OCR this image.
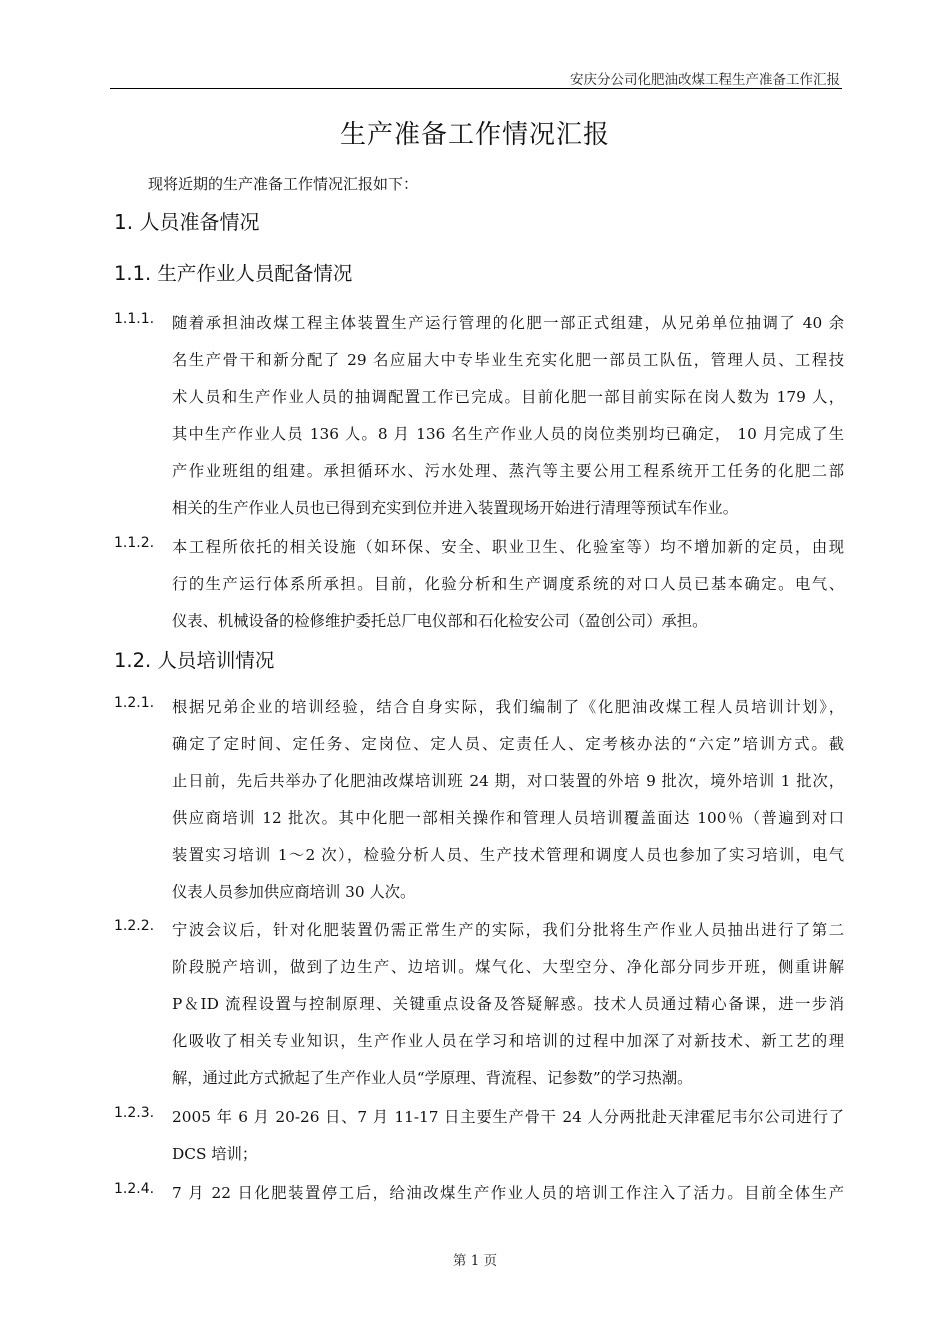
安庆分公司化肥油改煤工程生产准备工作汇报
生产准备工作情况汇报
现将近期的生产准备工作情况汇报如下：
1. 人员准备情况
1.1. 生产作业人员配备情况
1.1.1. 随着承担油改煤工程主体装置生产运行管理的化肥一部正式组建，从兄弟单位抽调了 40 余
名生产骨干和新分配了 29 名应届大中专毕业生充实化肥一部员工队伍，管理人员、工程技
术人员和生产作业人员的抽调配置工作已完成。目前化肥一部目前实际在岗人数为 179 人，
其中生产作业人员 136 人。8 月 136 名生产作业人员的岗位类别均已确定， 10 月完成了生
产作业班组的组建。承担循环水、污水处理、蒸汽等主要公用工程系统开工任务的化肥二部
相关的生产作业人员也已得到充实到位并进入装置现场开始进行清理等预试车作业。
1.1.2. 本工程所依托的相关设施（如环保、安全、职业卫生、化验室等）均不增加新的定员，由现
行的生产运行体系所承担。目前，化验分析和生产调度系统的对口人员已基本确定。电气、
仪表、机械设备的检修维护委托总厂电仪部和石化检安公司（盈创公司）承担。
1.2. 人员培训情况
1.2.1. 根据兄弟企业的培训经验，结合自身实际，我们编制了《化肥油改煤工程人员培训计划》，
确定了定时间、定任务、定岗位、定人员、定责任人、定考核办法的“六定”培训方式。截
止日前，先后共举办了化肥油改煤培训班 24 期，对口装置的外培 9 批次，境外培训 1 批次，
供应商培训 12 批次。其中化肥一部相关操作和管理人员培训覆盖面达 100％（普遍到对口
装置实习培训 1～2 次），检验分析人员、生产技术管理和调度人员也参加了实习培训，电气
仪表人员参加供应商培训 30 人次。
1.2.2. 宁波会议后，针对化肥装置仍需正常生产的实际，我们分批将生产作业人员抽出进行了第二
阶段脱产培训，做到了边生产、边培训。煤气化、大型空分、净化部分同步开班，侧重讲解
P＆ID 流程设置与控制原理、关键重点设备及答疑解惑。技术人员通过精心备课，进一步消
化吸收了相关专业知识，生产作业人员在学习和培训的过程中加深了对新技术、新工艺的理
解，通过此方式掀起了生产作业人员“学原理、背流程、记参数”的学习热潮。
1.2.3. 2005 年 6 月 20-26 日、7 月 11-17 日主要生产骨干 24 人分两批赴天津霍尼韦尔公司进行了
DCS 培训；
1.2.4. 7 月 22 日化肥装置停工后，给油改煤生产作业人员的培训工作注入了活力。目前全体生产
第 1 页
